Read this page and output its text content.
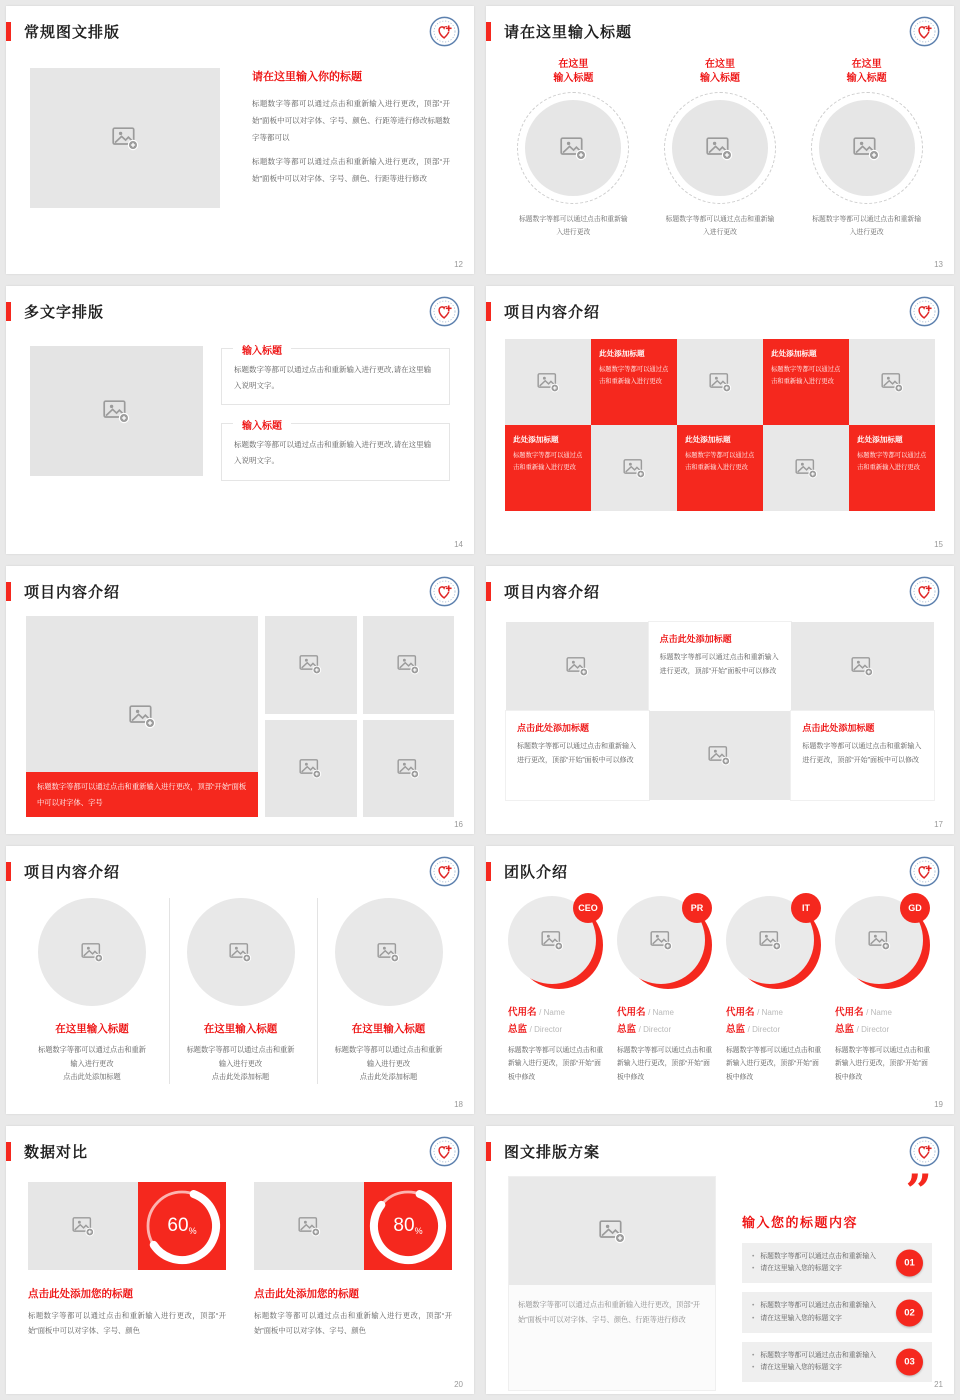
常规图文排版
请在这里输入你的标题

标题数字等都可以通过点击和重新输入进行更改，顶部“开始”面板中可以对字体、字号、颜色、行距等进行修改标题数字等都可以

标题数字等都可以通过点击和重新输入进行更改，顶部“开始”面板中可以对字体、字号、颜色、行距等进行修改

12
请在这里输入标题
在这里
输入标题
标题数字等都可以通过点击和重新输入进行更改
在这里
输入标题
标题数字等都可以通过点击和重新输入进行更改
在这里
输入标题
标题数字等都可以通过点击和重新输入进行更改
13
多文字排版
输入标题
标题数字等都可以通过点击和重新输入进行更改,请在这里输入说明文字。
输入标题
标题数字等都可以通过点击和重新输入进行更改,请在这里输入说明文字。
14
项目内容介绍
此处添加标题
标题数字等都可以通过点击和重新输入进行更改
此处添加标题
标题数字等都可以通过点击和重新输入进行更改
此处添加标题
标题数字等都可以通过点击和重新输入进行更改
此处添加标题
标题数字等都可以通过点击和重新输入进行更改
此处添加标题
标题数字等都可以通过点击和重新输入进行更改
15
项目内容介绍
标题数字等都可以通过点击和重新输入进行更改，顶部“开始”面板中可以对字体、字号
16
项目内容介绍
点击此处添加标题
标题数字等都可以通过点击和重新输入进行更改，顶部“开始”面板中可以修改
点击此处添加标题
标题数字等都可以通过点击和重新输入进行更改，顶部“开始”面板中可以修改
点击此处添加标题
标题数字等都可以通过点击和重新输入进行更改，顶部“开始”面板中可以修改
17
项目内容介绍
在这里输入标题
标题数字等都可以通过点击和重新输入进行更改
点击此处添加标题
在这里输入标题
标题数字等都可以通过点击和重新输入进行更改
点击此处添加标题
在这里输入标题
标题数字等都可以通过点击和重新输入进行更改
点击此处添加标题
18
团队介绍
CEO
代用名 / Name
总监 / Director
标题数字等都可以通过点击和重新输入进行更改，顶部“开始”面板中修改
PR
代用名 / Name
总监 / Director
标题数字等都可以通过点击和重新输入进行更改，顶部“开始”面板中修改
IT
代用名 / Name
总监 / Director
标题数字等都可以通过点击和重新输入进行更改，顶部“开始”面板中修改
GD
代用名 / Name
总监 / Director
标题数字等都可以通过点击和重新输入进行更改，顶部“开始”面板中修改
19
数据对比
60 %
点击此处添加您的标题
标题数字等都可以通过点击和重新输入进行更改，顶部“开始”面板中可以对字体、字号、颜色
80 %
点击此处添加您的标题
标题数字等都可以通过点击和重新输入进行更改，顶部“开始”面板中可以对字体、字号、颜色
20
图文排版方案
标题数字等都可以通过点击和重新输入进行更改，顶部“开始”面板中可以对字体、字号、颜色、行距等进行修改
”
输入您的标题内容
• 标题数字等都可以通过点击和重新输入
• 请在这里输入您的标题文字	01
• 标题数字等都可以通过点击和重新输入
• 请在这里输入您的标题文字	02
• 标题数字等都可以通过点击和重新输入
• 请在这里输入您的标题文字	03
21
